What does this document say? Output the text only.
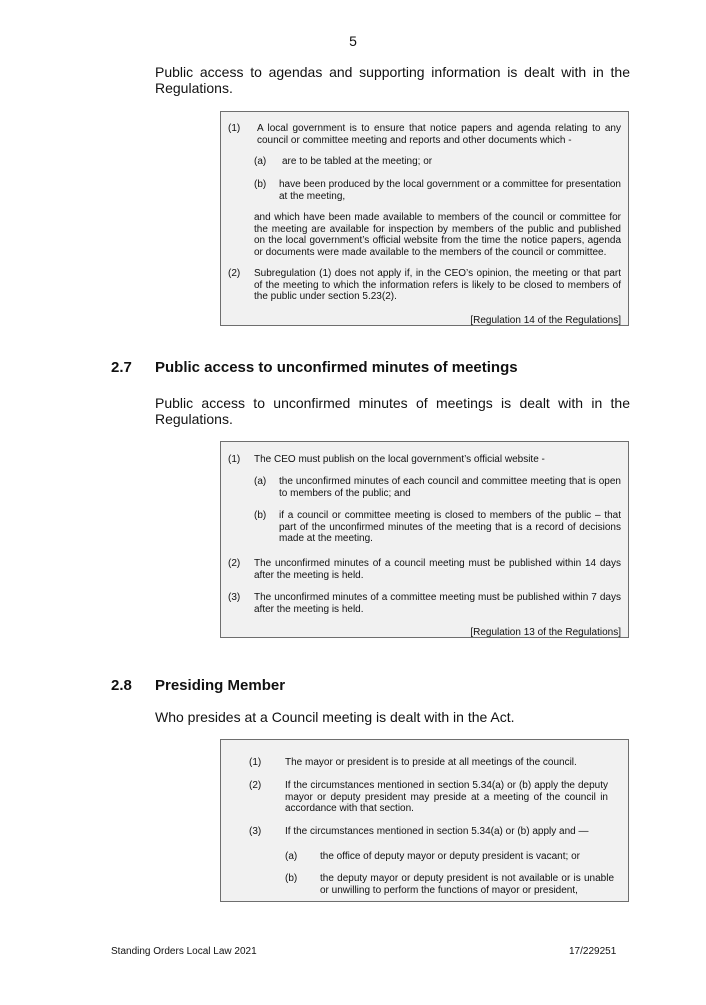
5
Public access to agendas and supporting information is dealt with in the Regulations.
(1) A local government is to ensure that notice papers and agenda relating to any council or committee meeting and reports and other documents which -
(a) are to be tabled at the meeting; or
(b) have been produced by the local government or a committee for presentation at the meeting,
and which have been made available to members of the council or committee for the meeting are available for inspection by members of the public and published on the local government’s official website from the time the notice papers, agenda or documents were made available to the members of the council or committee.
(2) Subregulation (1) does not apply if, in the CEO’s opinion, the meeting or that part of the meeting to which the information refers is likely to be closed to members of the public under section 5.23(2).
[Regulation 14 of the Regulations]
2.7 Public access to unconfirmed minutes of meetings
Public access to unconfirmed minutes of meetings is dealt with in the Regulations.
(1) The CEO must publish on the local government’s official website -
(a) the unconfirmed minutes of each council and committee meeting that is open to members of the public; and
(b) if a council or committee meeting is closed to members of the public – that part of the unconfirmed minutes of the meeting that is a record of decisions made at the meeting.
(2) The unconfirmed minutes of a council meeting must be published within 14 days after the meeting is held.
(3) The unconfirmed minutes of a committee meeting must be published within 7 days after the meeting is held.
[Regulation 13 of the Regulations]
2.8 Presiding Member
Who presides at a Council meeting is dealt with in the Act.
(1) The mayor or president is to preside at all meetings of the council.
(2) If the circumstances mentioned in section 5.34(a) or (b) apply the deputy mayor or deputy president may preside at a meeting of the council in accordance with that section.
(3) If the circumstances mentioned in section 5.34(a) or (b) apply and —
(a) the office of deputy mayor or deputy president is vacant; or
(b) the deputy mayor or deputy president is not available or is unable or unwilling to perform the functions of mayor or president,
Standing Orders Local Law 2021	17/229251
